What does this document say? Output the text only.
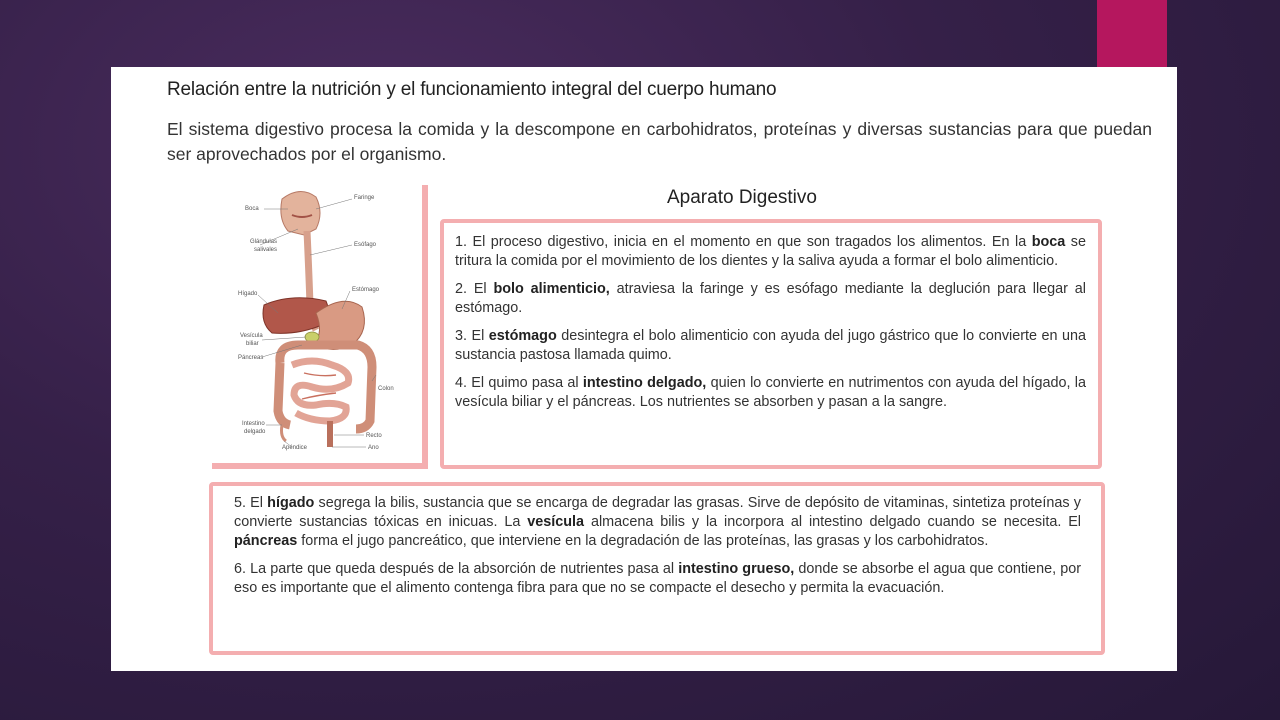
Relación entre la nutrición y el funcionamiento integral del cuerpo humano
El sistema digestivo procesa la comida y la descompone en carbohidratos, proteínas y diversas sustancias para que puedan ser aprovechados por el organismo.
Boca
Faringe
Glándulas
salivales
Esófago
Estómago
Hígado
Vesícula
biliar
Páncreas
Colon
Intestino
delgado
Recto
Apéndice	Ano
Aparato Digestivo

1. El proceso digestivo, inicia en el momento en que son tragados los alimentos. En la boca se tritura la comida por el movimiento de los dientes y la saliva ayuda a formar el bolo alimenticio.

2. El bolo alimenticio, atraviesa la faringe y es esófago mediante la deglución para llegar al estómago.

3. El estómago desintegra el bolo alimenticio con ayuda del jugo gástrico que lo convierte en una sustancia pastosa llamada quimo.

4. El quimo pasa al intestino delgado, quien lo convierte en nutrimentos con ayuda del hígado, la vesícula biliar y el páncreas. Los nutrientes se absorben y pasan a la sangre.

5. El hígado segrega la bilis, sustancia que se encarga de degradar las grasas. Sirve de depósito de vitaminas, sintetiza proteínas y convierte sustancias tóxicas en inicuas. La vesícula almacena bilis y la incorpora al intestino delgado cuando se necesita. El páncreas forma el jugo pancreático, que interviene en la degradación de las proteínas, las grasas y los carbohidratos.

6. La parte que queda después de la absorción de nutrientes pasa al intestino grueso, donde se absorbe el agua que contiene, por eso es importante que el alimento contenga fibra para que no se compacte el desecho y permita la evacuación.
